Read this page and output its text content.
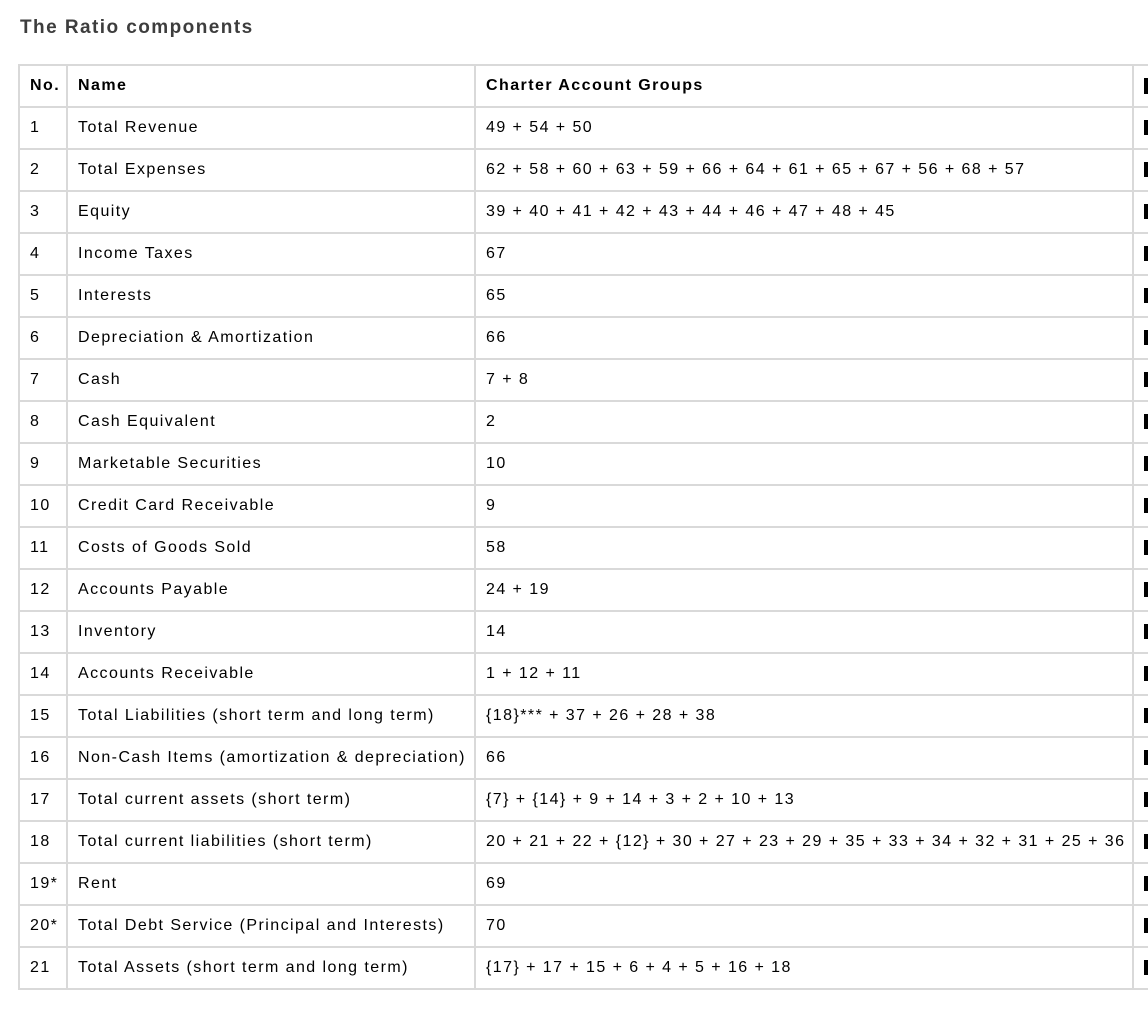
The Ratio components
No.	Name	Charter Account Groups	
1	Total Revenue	49 + 54 + 50	
2	Total Expenses	62 + 58 + 60 + 63 + 59 + 66 + 64 + 61 + 65 + 67 + 56 + 68 + 57	
3	Equity	39 + 40 + 41 + 42 + 43 + 44 + 46 + 47 + 48 + 45	
4	Income Taxes	67	
5	Interests	65	
6	Depreciation & Amortization	66	
7	Cash	7 + 8	
8	Cash Equivalent	2	
9	Marketable Securities	10	
10	Credit Card Receivable	9	
11	Costs of Goods Sold	58	
12	Accounts Payable	24 + 19	
13	Inventory	14	
14	Accounts Receivable	1 + 12 + 11	
15	Total Liabilities (short term and long term)	{18}*** + 37 + 26 + 28 + 38	
16	Non-Cash Items (amortization & depreciation)	66	
17	Total current assets (short term)	{7} + {14} + 9 + 14 + 3 + 2 + 10 + 13	
18	Total current liabilities (short term)	20 + 21 + 22 + {12} + 30 + 27 + 23 + 29 + 35 + 33 + 34 + 32 + 31 + 25 + 36	
19*	Rent	69	
20*	Total Debt Service (Principal and Interests)	70	
21	Total Assets (short term and long term)	{17} + 17 + 15 + 6 + 4 + 5 + 16 + 18	
